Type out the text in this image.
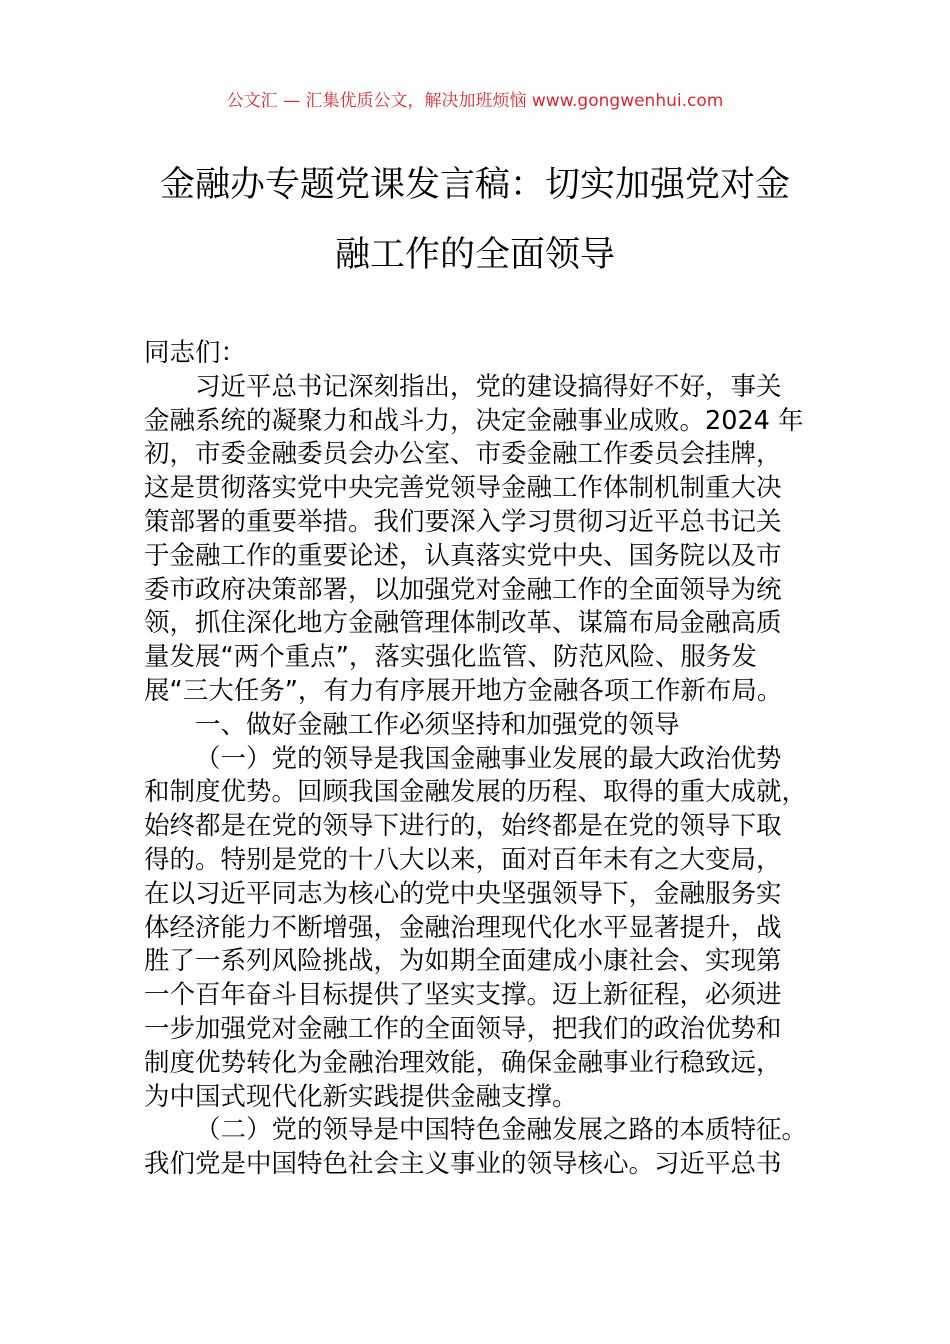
公文汇 — 汇集优质公文，解决加班烦恼 www.gongwenhui.com
金融办专题党课发言稿：切实加强党对金
融工作的全面领导
同志们：
习近平总书记深刻指出，党的建设搞得好不好，事关
金融系统的凝聚力和战斗力，决定金融事业成败。2024 年
初，市委金融委员会办公室、市委金融工作委员会挂牌，
这是贯彻落实党中央完善党领导金融工作体制机制重大决
策部署的重要举措。我们要深入学习贯彻习近平总书记关
于金融工作的重要论述，认真落实党中央、国务院以及市
委市政府决策部署，以加强党对金融工作的全面领导为统
领，抓住深化地方金融管理体制改革、谋篇布局金融高质
量发展“两个重点”，落实强化监管、防范风险、服务发
展“三大任务”，有力有序展开地方金融各项工作新布局。
一、做好金融工作必须坚持和加强党的领导
（一）党的领导是我国金融事业发展的最大政治优势
和制度优势。回顾我国金融发展的历程、取得的重大成就，
始终都是在党的领导下进行的，始终都是在党的领导下取
得的。特别是党的十八大以来，面对百年未有之大变局，
在以习近平同志为核心的党中央坚强领导下，金融服务实
体经济能力不断增强，金融治理现代化水平显著提升，战
胜了一系列风险挑战，为如期全面建成小康社会、实现第
一个百年奋斗目标提供了坚实支撑。迈上新征程，必须进
一步加强党对金融工作的全面领导，把我们的政治优势和
制度优势转化为金融治理效能，确保金融事业行稳致远，
为中国式现代化新实践提供金融支撑。
（二）党的领导是中国特色金融发展之路的本质特征。
我们党是中国特色社会主义事业的领导核心。习近平总书
